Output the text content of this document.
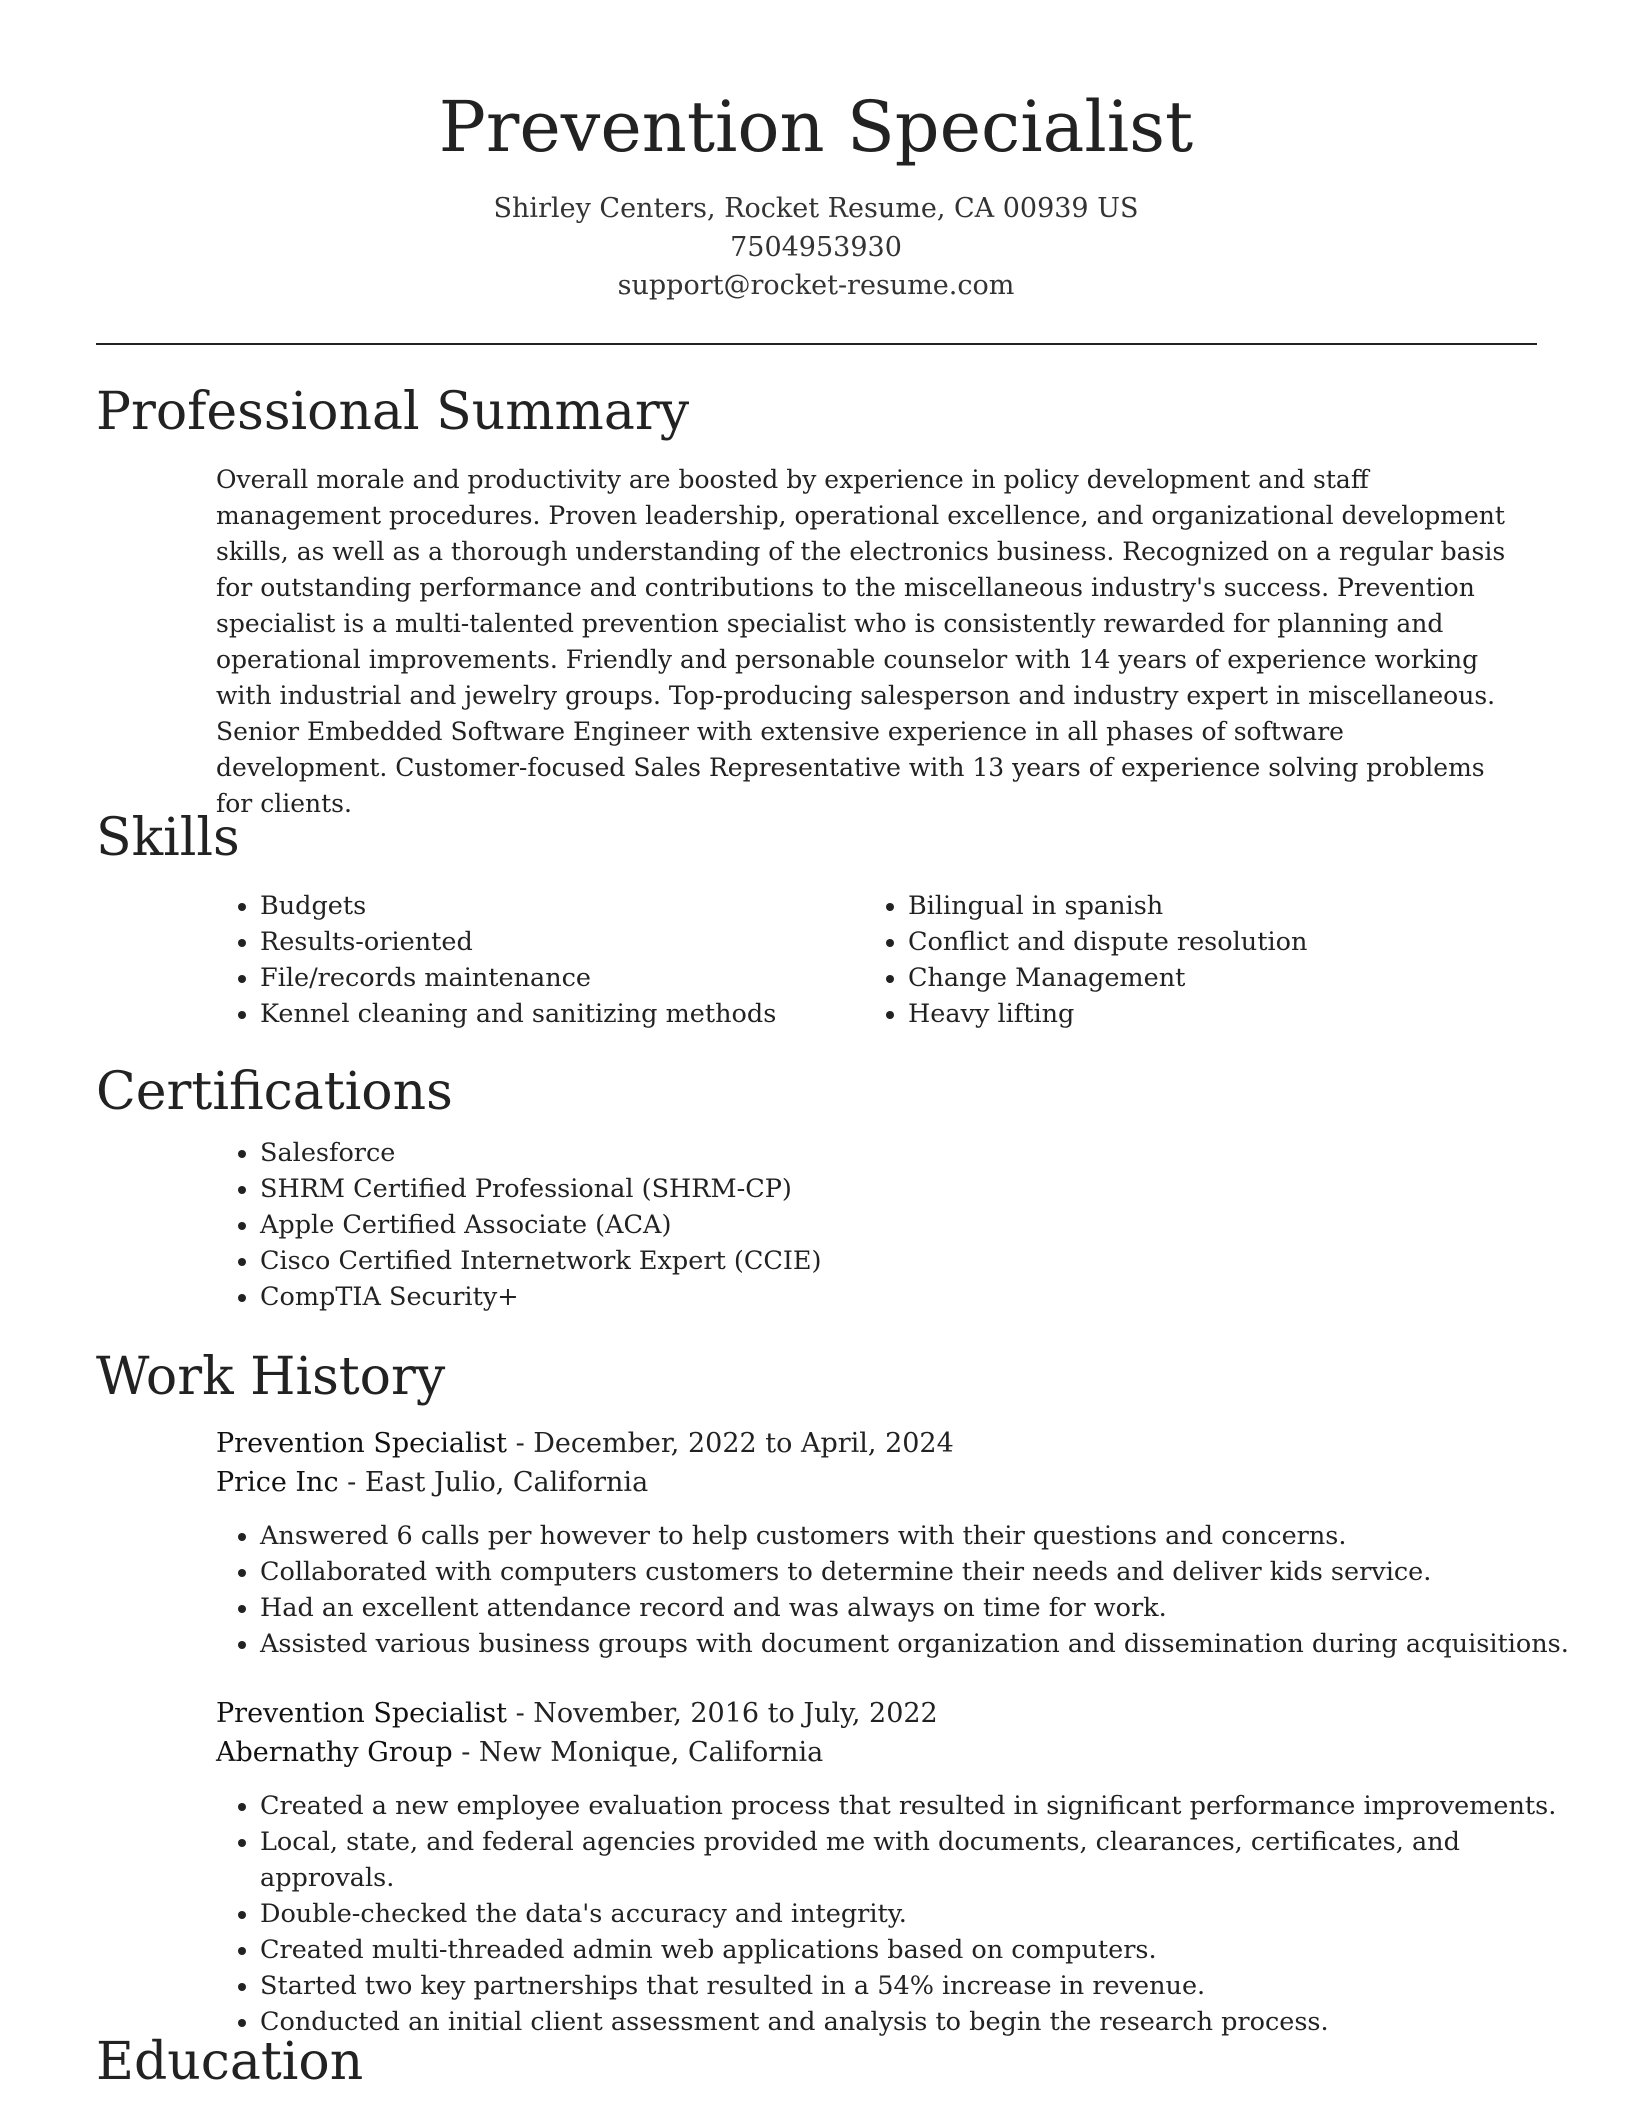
Prevention Specialist
Shirley Centers, Rocket Resume, CA 00939 US
7504953930
support@rocket-resume.com
Professional Summary

Overall morale and productivity are boosted by experience in policy development and staff management procedures. Proven leadership, operational excellence, and organizational development skills, as well as a thorough understanding of the electronics business. Recognized on a regular basis for outstanding performance and contributions to the miscellaneous industry's success. Prevention specialist is a multi-talented prevention specialist who is consistently rewarded for planning and operational improvements. Friendly and personable counselor with 14 years of experience working with industrial and jewelry groups. Top-producing salesperson and industry expert in miscellaneous. Senior Embedded Software Engineer with extensive experience in all phases of software development. Customer-focused Sales Representative with 13 years of experience solving problems for clients.

Skills
• Budgets
• Results-oriented
• File/records maintenance
• Kennel cleaning and sanitizing methods
• Bilingual in spanish
• Conflict and dispute resolution
• Change Management
• Heavy lifting
Certifications
• Salesforce
• SHRM Certified Professional (SHRM-CP)
• Apple Certified Associate (ACA)
• Cisco Certified Internetwork Expert (CCIE)
• CompTIA Security+
Work History
Prevention Specialist - December, 2022 to April, 2024
Price Inc - East Julio, California
• Answered 6 calls per however to help customers with their questions and concerns.
• Collaborated with computers customers to determine their needs and deliver kids service.
• Had an excellent attendance record and was always on time for work.
• Assisted various business groups with document organization and dissemination during acquisitions.
Prevention Specialist - November, 2016 to July, 2022
Abernathy Group - New Monique, California
• Created a new employee evaluation process that resulted in significant performance improvements.
• Local, state, and federal agencies provided me with documents, clearances, certificates, and approvals.
• Double-checked the data's accuracy and integrity.
• Created multi-threaded admin web applications based on computers.
• Started two key partnerships that resulted in a 54% increase in revenue.
• Conducted an initial client assessment and analysis to begin the research process.
Education
